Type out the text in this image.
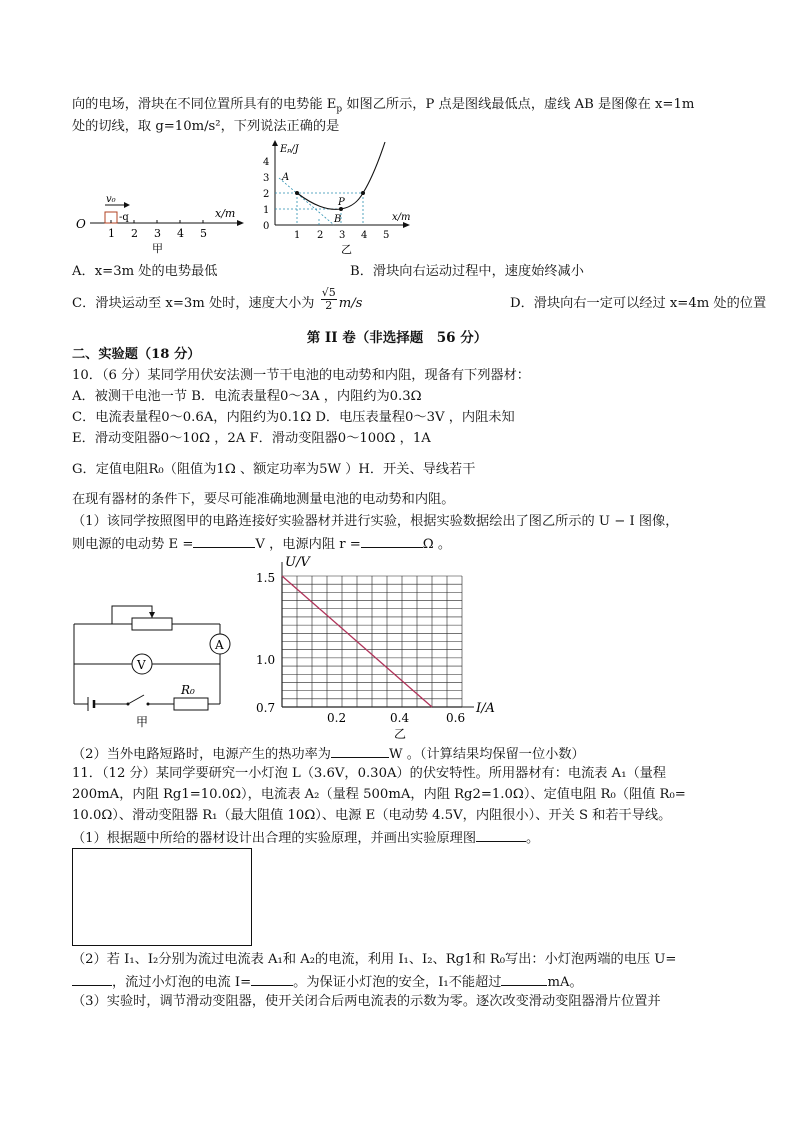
向的电场，滑块在不同位置所具有的电势能 $E_p$ 如图乙所示，P 点是图线最低点，虚线 AB 是图像在 x=1m
处的切线，取 g=10m/s²，下列说法正确的是
O
x/m
-q
v₀
1 2 3 4 5
甲
Eₚ/J
x/m
4
3
2
1
0
1 2 3 4 5
A
B
P
乙
A．x=3m 处的电势最低	B．滑块向右运动过程中，速度始终减小
C．滑块运动至 x=3m 处时，速度大小为 $\frac{√5}{2} m/s$	D．滑块向右一定可以经过 x=4m 处的位置
第 II 卷（非选择题　56 分）
二、实验题（18 分）
10．（6 分）某同学用伏安法测一节干电池的电动势和内阻，现备有下列器材：
A．被测干电池一节 B．电流表量程0～3A ，内阻约为0.3Ω
C．电流表量程0～0.6A，内阻约为0.1Ω D．电压表量程0～3V ，内阻未知
E．滑动变阻器0～10Ω ，2A F．滑动变阻器0～100Ω ，1A
G．定值电阻R₀（阻值为1Ω 、额定功率为5W ）H．开关、导线若干
在现有器材的条件下，要尽可能准确地测量电池的电动势和内阻。
（1）该同学按照图甲的电路连接好实验器材并进行实验，根据实验数据绘出了图乙所示的 U − I 图像，
则电源的电动势 E =	V ，电源内阻 r =	Ω 。
A
V
R₀
甲
U/V
I/A
1.5
1.0
0.7
0.2	0.4	0.6
乙
（2）当外电路短路时，电源产生的热功率为	W 。（计算结果均保留一位小数）
11．（12 分）某同学要研究一小灯泡 L（3.6V，0.30A）的伏安特性。所用器材有：电流表 A₁（量程
200mA，内阻 Rg1=10.0Ω），电流表 A₂（量程 500mA，内阻 Rg2=1.0Ω）、定值电阻 R₀（阻值 R₀=
10.0Ω）、滑动变阻器 R₁（最大阻值 10Ω）、电源 E（电动势 4.5V，内阻很小）、开关 S 和若干导线。
（1）根据题中所给的器材设计出合理的实验原理，并画出实验原理图	。
（2）若 I₁、I₂分别为流过电流表 A₁和 A₂的电流，利用 I₁、I₂、Rg1和 R₀写出：小灯泡两端的电压 U=
，流过小灯泡的电流 I=	。为保证小灯泡的安全，I₁不能超过	mA。
（3）实验时，调节滑动变阻器，使开关闭合后两电流表的示数为零。逐次改变滑动变阻器滑片位置并
